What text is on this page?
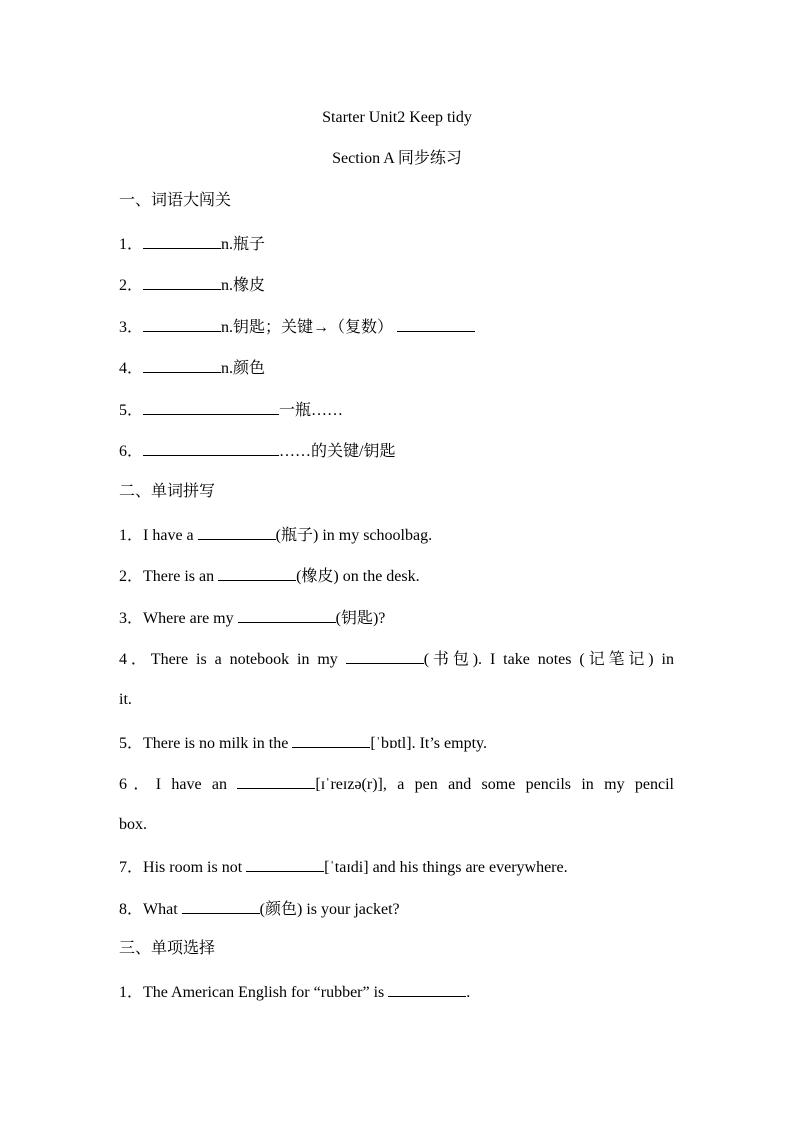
Starter Unit2 Keep tidy
Section A 同步练习
一、词语大闯关
1．	n.瓶子
2．	n.橡皮
3．	n.钥匙；关键→（复数）
4．	n.颜色
5．	一瓶……
6．	……的关键/钥匙
二、单词拼写
1．I have a	(瓶子) in my schoolbag.
2．There is an	(橡皮) on the desk.
3．Where are my	(钥匙)?
4．There is a notebook in my	(书包). I take notes (记笔记) in
it.
5．There is no milk in the	[ˈbɒtl]. It’s empty.
6．I have an	[ɪˈreɪzə(r)], a pen and some pencils in my pencil
box.
7．His room is not	[ˈtaɪdi] and his things are everywhere.
8．What	(颜色) is your jacket?
三、单项选择
1．The American English for “rubber” is	.
